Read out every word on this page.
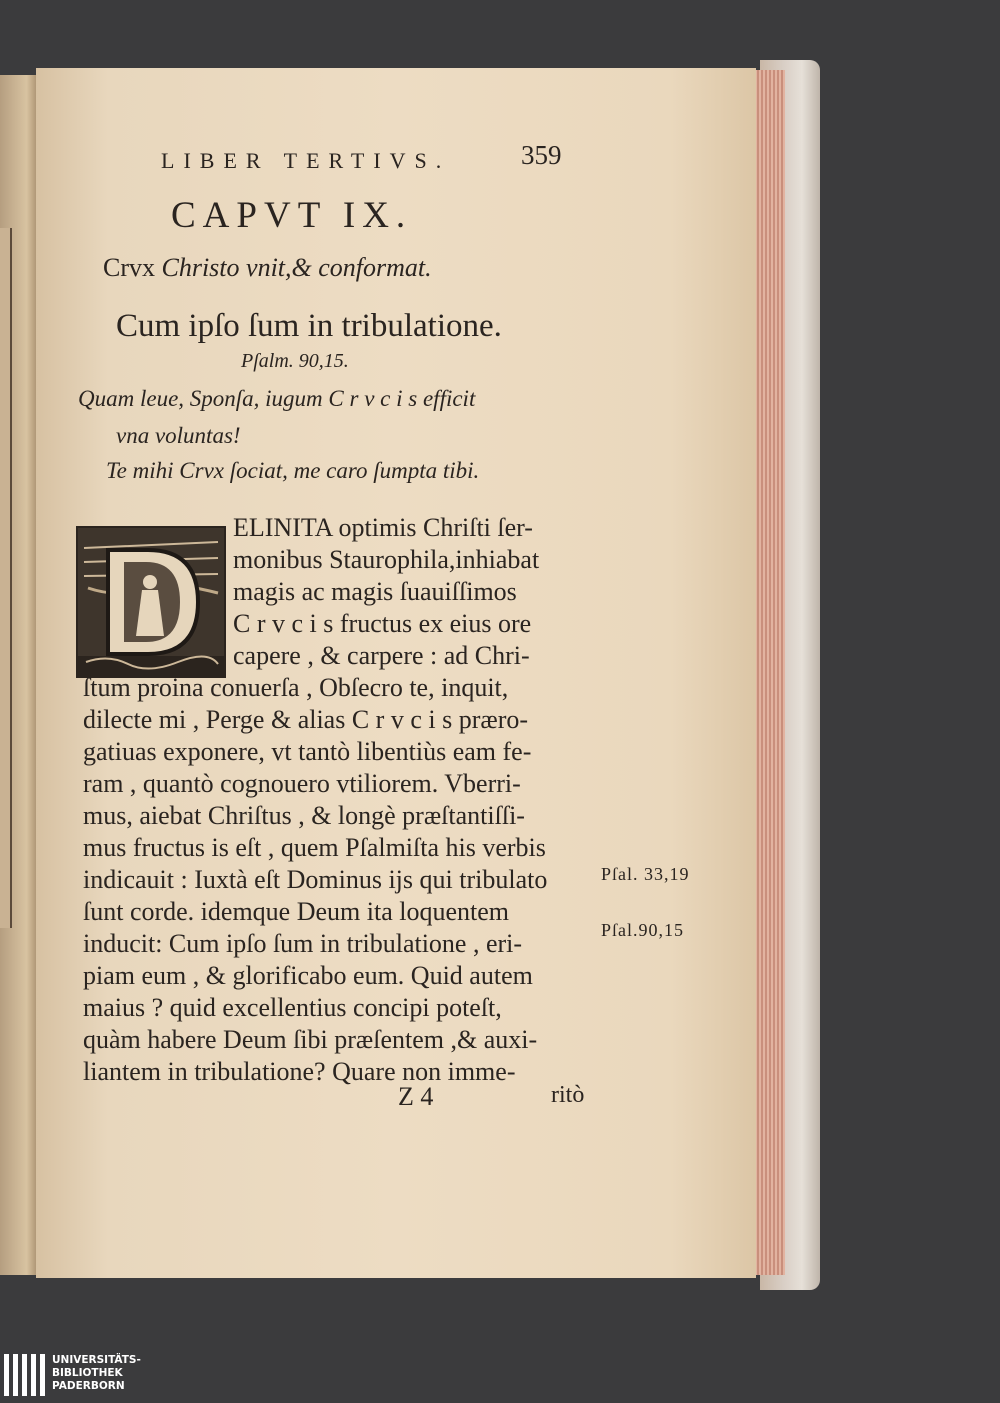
LIBER TERTIVS.	359
CAPVT IX.
Crvx Christo vnit,& conformat.
Cum ipſo ſum in tribulatione.
Pſalm. 90,15.
Quam leue, Sponſa, iugum C r v c i s efficit
vna voluntas!
Te mihi Crvx ſociat, me caro ſumpta tibi.
ELINITA optimis Chriſti ſer-
monibus Staurophila,inhiabat
magis ac magis ſuauiſſimos
C r v c i s fructus ex eius ore
capere , & carpere : ad Chri-
ſtum proina conuerſa , Obſecro te, inquit,
dilecte mi , Perge & alias C r v c i s præro-
gatiuas exponere, vt tantò libentiùs eam fe-
ram , quantò cognouero vtiliorem. Vberri-
mus, aiebat Chriſtus , & longè præſtantiſſi-
mus fructus is eſt , quem Pſalmiſta his verbis
indicauit : Iuxtà eſt Dominus ijs qui tribulato
ſunt corde. idemque Deum ita loquentem
inducit: Cum ipſo ſum in tribulatione , eri-
piam eum , & glorificabo eum. Quid autem
maius ? quid excellentius concipi poteſt,
quàm habere Deum ſibi præſentem ,& auxi-
liantem in tribulatione? Quare non imme-
Pſal. 33,19
Pſal.90,15
Z 4	ritò
UNIVERSITÄTS-
BIBLIOTHEK
PADERBORN
